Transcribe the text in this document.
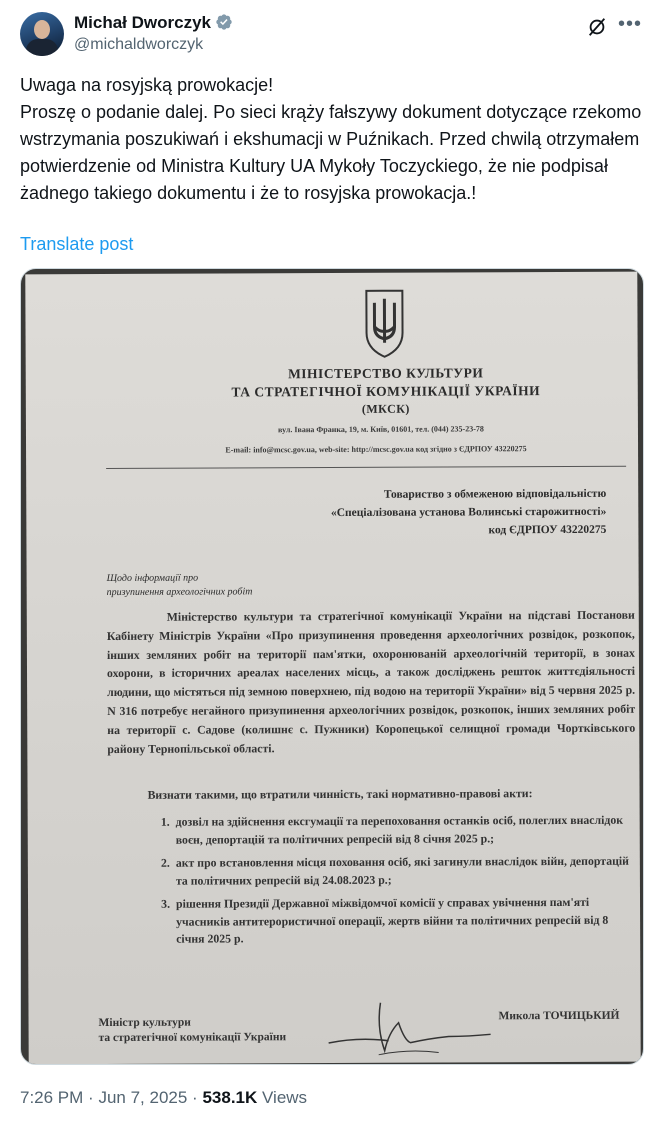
Michał Dworczyk
@michaldworczyk
•••

Uwaga na rosyjską prowokacje!

Proszę o podanie dalej. Po sieci krąży fałszywy dokument dotyczące rzekomo wstrzymania poszukiwań i ekshumacji w Puźnikach. Przed chwilą otrzymałem potwierdzenie od Ministra Kultury UA Mykoły Toczyckiego, że nie podpisał żadnego takiego dokumentu i że to rosyjska prowokacja.!

Translate post
МІНІСТЕРСТВО КУЛЬТУРИ
ТА СТРАТЕГІЧНОЇ КОМУНІКАЦІЇ УКРАЇНИ
(МКСК)
вул. Івана Франка, 19, м. Київ, 01601, тел. (044) 235-23-78
E-mail: info@mcsc.gov.ua, web-site: http://mcsc.gov.ua код згідно з ЄДРПОУ 43220275
Товариство з обмеженою відповідальністю
«Спеціалізована установа Волинські старожитності»
код ЄДРПОУ 43220275
Щодо інформації про
призупинення археологічних робіт

Міністерство культури та стратегічної комунікації України на підставі Постанови Кабінету Міністрів України «Про призупинення проведення археологічних розвідок, розкопок, інших земляних робіт на території пам'ятки, охоронюваній археологічній території, в зонах охорони, в історичних ареалах населених місць, а також досліджень решток життєдіяльності людини, що містяться під земною поверхнею, під водою на території України» від 5 червня 2025 р. N 316 потребує негайного призупинення археологічних розвідок, розкопок, інших земляних робіт на території с. Садове (колишнє с. Пужники) Коропецької селищної громади Чортківського району Тернопільської області.

Визнати такими, що втратили чинність, такі нормативно-правові акти:
1. дозвіл на здійснення ексгумації та перепоховання останків осіб, полеглих внаслідок воєн, депортацій та політичних репресій від 8 січня 2025 р.;
2. акт про встановлення місця поховання осіб, які загинули внаслідок війн, депортацій та політичних репресій від 24.08.2023 р.;
3. рішення Президії Державної міжвідомчої комісії у справах увічнення пам'яті учасників антитерористичної операції, жертв війни та політичних репресій від 8 січня 2025 р.
Міністр культури
та стратегічної комунікації України
Микола ТОЧИЦЬКИЙ
7:26 PM · Jun 7, 2025 · 538.1K Views
